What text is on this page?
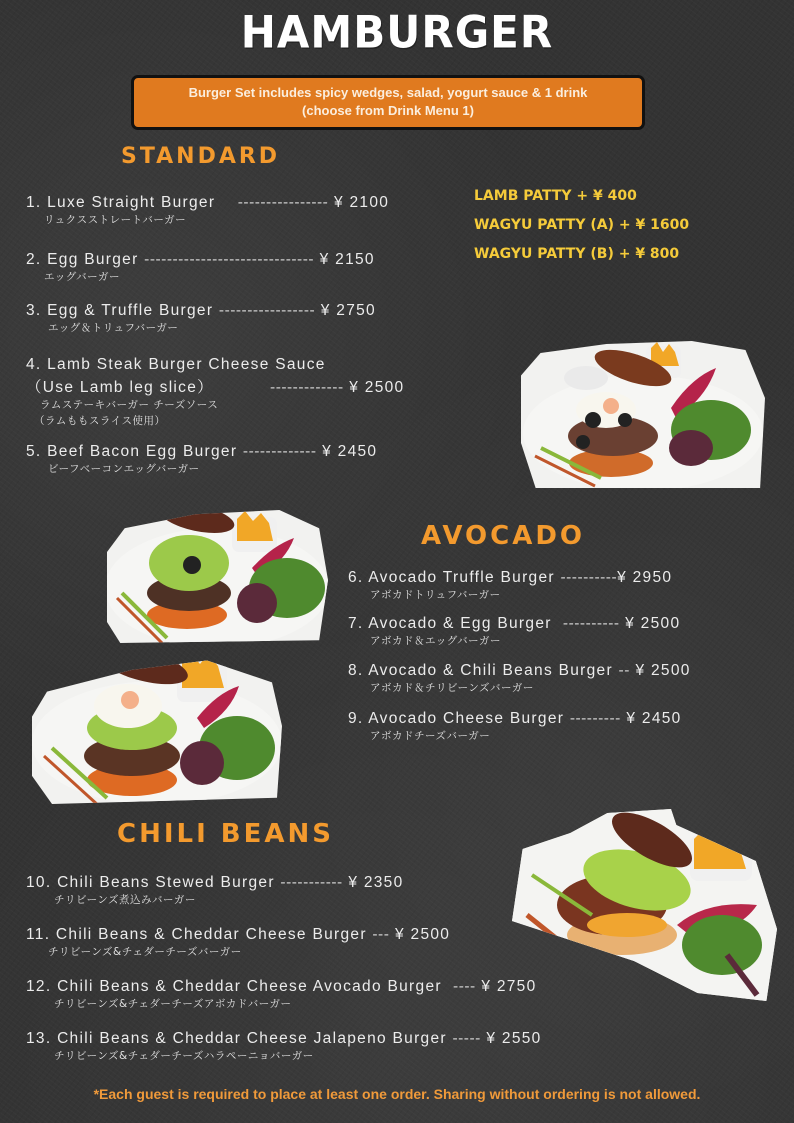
HAMBURGER
Burger Set includes spicy wedges, salad, yogurt sauce & 1 drink
(choose from Drink Menu 1)
STANDARD
1. Luxe Straight Burger ---------------- ¥ 2100
リュクスストレートバーガー
2. Egg Burger ------------------------------ ¥ 2150
エッグバーガー
3. Egg & Truffle Burger ----------------- ¥ 2750
エッグ＆トリュフバーガー
4. Lamb Steak Burger Cheese Sauce
（Use Lamb leg slice）	------------- ¥ 2500
ラムステーキバーガー チーズソース
（ラムももスライス使用）
5. Beef Bacon Egg Burger ------------- ¥ 2450
ビーフベーコンエッグバーガー
LAMB PATTY + ¥ 400
WAGYU PATTY (A) + ¥ 1600
WAGYU PATTY (B) + ¥ 800
AVOCADO
6. Avocado Truffle Burger ----------¥ 2950
アボカドトリュフバーガー
7. Avocado & Egg Burger ---------- ¥ 2500
アボカド＆エッグバーガー
8. Avocado & Chili Beans Burger -- ¥ 2500
アボカド＆チリビーンズバーガー
9. Avocado Cheese Burger --------- ¥ 2450
アボカドチーズバーガー
CHILI BEANS
10. Chili Beans Stewed Burger ----------- ¥ 2350
チリビーンズ煮込みバーガー
11. Chili Beans & Cheddar Cheese Burger --- ¥ 2500
チリビーンズ&チェダーチーズバーガー
12. Chili Beans & Cheddar Cheese Avocado Burger ---- ¥ 2750
チリビーンズ&チェダーチーズアボカドバーガー
13. Chili Beans & Cheddar Cheese Jalapeno Burger ----- ¥ 2550
チリビーンズ&チェダーチーズハラペーニョバーガー
*Each guest is required to place at least one order. Sharing without ordering is not allowed.
